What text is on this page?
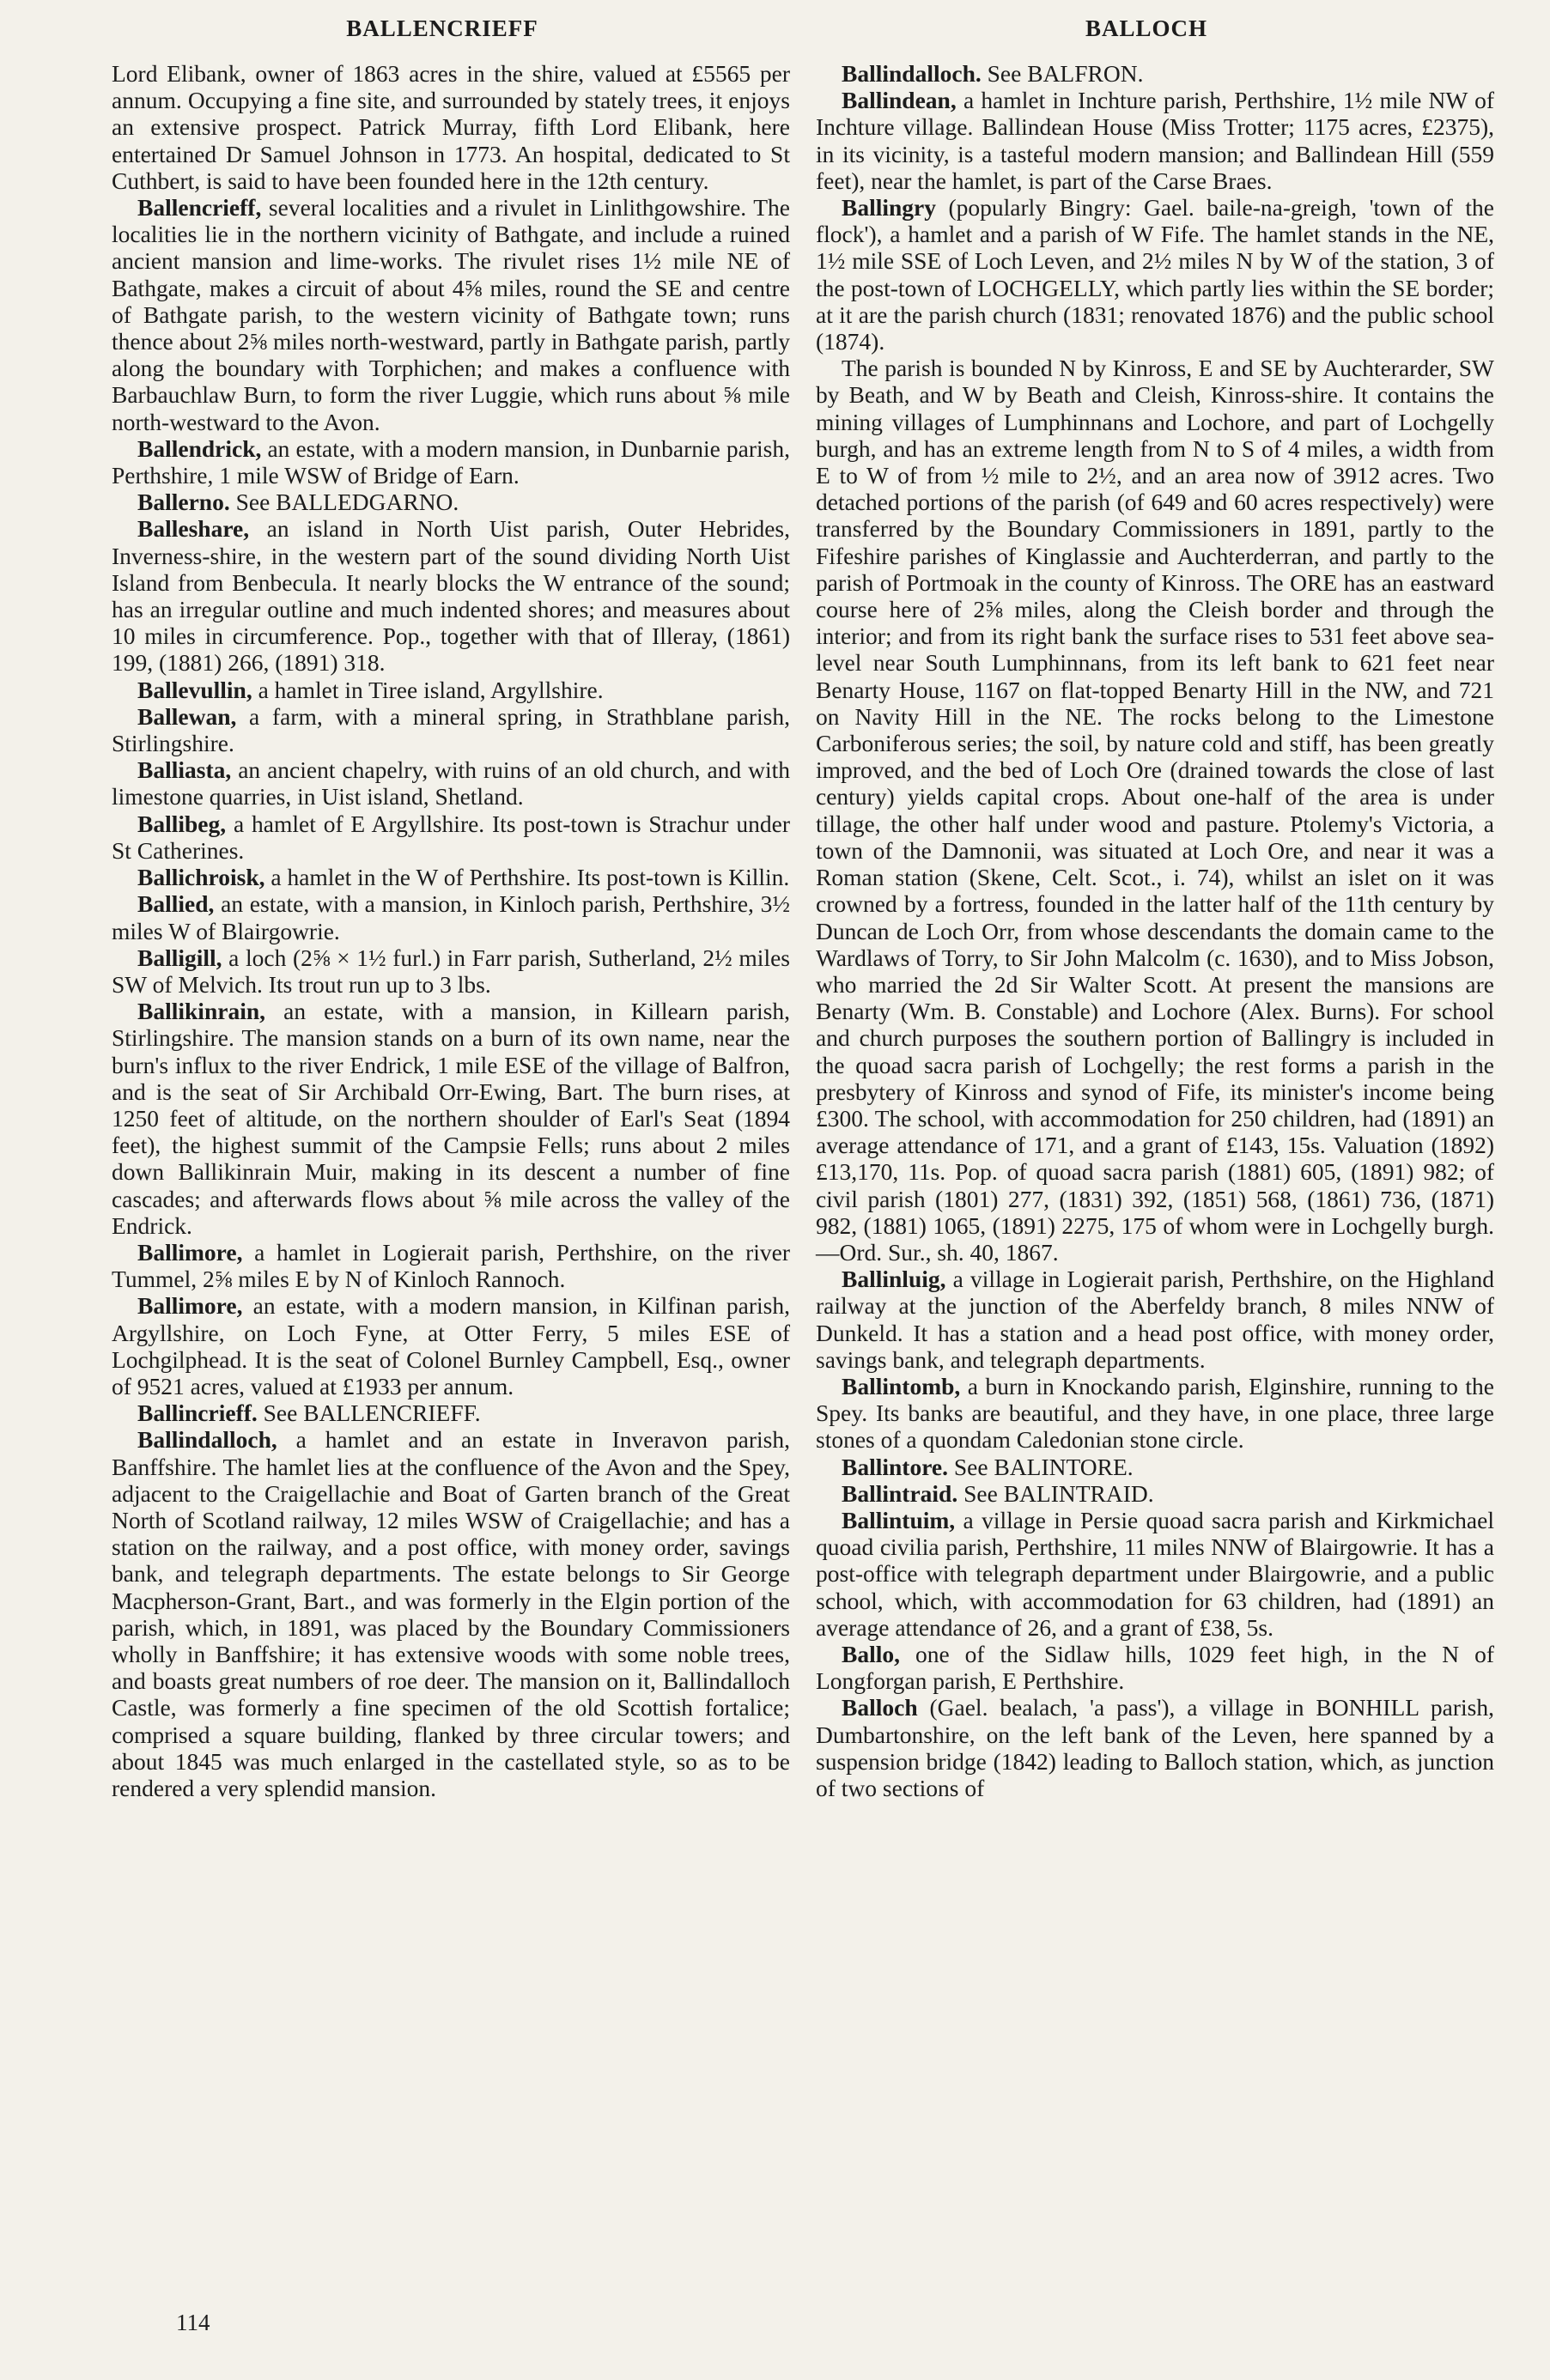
BALLENCRIEFF	BALLOCH

Lord Elibank, owner of 1863 acres in the shire, valued at £5565 per annum. Occupying a fine site, and surrounded by stately trees, it enjoys an extensive prospect. Patrick Murray, fifth Lord Elibank, here entertained Dr Samuel Johnson in 1773. An hospital, dedicated to St Cuthbert, is said to have been founded here in the 12th century.

Ballencrieff, several localities and a rivulet in Linlithgowshire. The localities lie in the northern vicinity of Bathgate, and include a ruined ancient mansion and lime-works. The rivulet rises 1½ mile NE of Bathgate, makes a circuit of about 4⅝ miles, round the SE and centre of Bathgate parish, to the western vicinity of Bathgate town; runs thence about 2⅝ miles north-westward, partly in Bathgate parish, partly along the boundary with Torphichen; and makes a confluence with Barbauchlaw Burn, to form the river Luggie, which runs about ⅝ mile north-westward to the Avon.

Ballendrick, an estate, with a modern mansion, in Dunbarnie parish, Perthshire, 1 mile WSW of Bridge of Earn.

Ballerno. See BALLEDGARNO.

Balleshare, an island in North Uist parish, Outer Hebrides, Inverness-shire, in the western part of the sound dividing North Uist Island from Benbecula. It nearly blocks the W entrance of the sound; has an irregular outline and much indented shores; and measures about 10 miles in circumference. Pop., together with that of Illeray, (1861) 199, (1881) 266, (1891) 318.

Ballevullin, a hamlet in Tiree island, Argyllshire.

Ballewan, a farm, with a mineral spring, in Strathblane parish, Stirlingshire.

Balliasta, an ancient chapelry, with ruins of an old church, and with limestone quarries, in Uist island, Shetland.

Ballibeg, a hamlet of E Argyllshire. Its post-town is Strachur under St Catherines.

Ballichroisk, a hamlet in the W of Perthshire. Its post-town is Killin.

Ballied, an estate, with a mansion, in Kinloch parish, Perthshire, 3½ miles W of Blairgowrie.

Balligill, a loch (2⅝ × 1½ furl.) in Farr parish, Sutherland, 2½ miles SW of Melvich. Its trout run up to 3 lbs.

Ballikinrain, an estate, with a mansion, in Killearn parish, Stirlingshire. The mansion stands on a burn of its own name, near the burn's influx to the river Endrick, 1 mile ESE of the village of Balfron, and is the seat of Sir Archibald Orr-Ewing, Bart. The burn rises, at 1250 feet of altitude, on the northern shoulder of Earl's Seat (1894 feet), the highest summit of the Campsie Fells; runs about 2 miles down Ballikinrain Muir, making in its descent a number of fine cascades; and afterwards flows about ⅝ mile across the valley of the Endrick.

Ballimore, a hamlet in Logierait parish, Perthshire, on the river Tummel, 2⅝ miles E by N of Kinloch Rannoch.

Ballimore, an estate, with a modern mansion, in Kilfinan parish, Argyllshire, on Loch Fyne, at Otter Ferry, 5 miles ESE of Lochgilphead. It is the seat of Colonel Burnley Campbell, Esq., owner of 9521 acres, valued at £1933 per annum.

Ballincrieff. See BALLENCRIEFF.

Ballindalloch, a hamlet and an estate in Inveravon parish, Banffshire. The hamlet lies at the confluence of the Avon and the Spey, adjacent to the Craigellachie and Boat of Garten branch of the Great North of Scotland railway, 12 miles WSW of Craigellachie; and has a station on the railway, and a post office, with money order, savings bank, and telegraph departments. The estate belongs to Sir George Macpherson-Grant, Bart., and was formerly in the Elgin portion of the parish, which, in 1891, was placed by the Boundary Commissioners wholly in Banffshire; it has extensive woods with some noble trees, and boasts great numbers of roe deer. The mansion on it, Ballindalloch Castle, was formerly a fine specimen of the old Scottish fortalice; comprised a square building, flanked by three circular towers; and about 1845 was much enlarged in the castellated style, so as to be rendered a very splendid mansion.

Ballindalloch. See BALFRON.

Ballindean, a hamlet in Inchture parish, Perthshire, 1½ mile NW of Inchture village. Ballindean House (Miss Trotter; 1175 acres, £2375), in its vicinity, is a tasteful modern mansion; and Ballindean Hill (559 feet), near the hamlet, is part of the Carse Braes.

Ballingry (popularly Bingry: Gael. baile-na-greigh, 'town of the flock'), a hamlet and a parish of W Fife. The hamlet stands in the NE, 1½ mile SSE of Loch Leven, and 2½ miles N by W of the station, 3 of the post-town of LOCHGELLY, which partly lies within the SE border; at it are the parish church (1831; renovated 1876) and the public school (1874).

The parish is bounded N by Kinross, E and SE by Auchterarder, SW by Beath, and W by Beath and Cleish, Kinross-shire. It contains the mining villages of Lumphinnans and Lochore, and part of Lochgelly burgh, and has an extreme length from N to S of 4 miles, a width from E to W of from ½ mile to 2½, and an area now of 3912 acres. Two detached portions of the parish (of 649 and 60 acres respectively) were transferred by the Boundary Commissioners in 1891, partly to the Fifeshire parishes of Kinglassie and Auchterderran, and partly to the parish of Portmoak in the county of Kinross. The ORE has an eastward course here of 2⅝ miles, along the Cleish border and through the interior; and from its right bank the surface rises to 531 feet above sea-level near South Lumphinnans, from its left bank to 621 feet near Benarty House, 1167 on flat-topped Benarty Hill in the NW, and 721 on Navity Hill in the NE. The rocks belong to the Limestone Carboniferous series; the soil, by nature cold and stiff, has been greatly improved, and the bed of Loch Ore (drained towards the close of last century) yields capital crops. About one-half of the area is under tillage, the other half under wood and pasture. Ptolemy's Victoria, a town of the Damnonii, was situated at Loch Ore, and near it was a Roman station (Skene, Celt. Scot., i. 74), whilst an islet on it was crowned by a fortress, founded in the latter half of the 11th century by Duncan de Loch Orr, from whose descendants the domain came to the Wardlaws of Torry, to Sir John Malcolm (c. 1630), and to Miss Jobson, who married the 2d Sir Walter Scott. At present the mansions are Benarty (Wm. B. Constable) and Lochore (Alex. Burns). For school and church purposes the southern portion of Ballingry is included in the quoad sacra parish of Lochgelly; the rest forms a parish in the presbytery of Kinross and synod of Fife, its minister's income being £300. The school, with accommodation for 250 children, had (1891) an average attendance of 171, and a grant of £143, 15s. Valuation (1892) £13,170, 11s. Pop. of quoad sacra parish (1881) 605, (1891) 982; of civil parish (1801) 277, (1831) 392, (1851) 568, (1861) 736, (1871) 982, (1881) 1065, (1891) 2275, 175 of whom were in Lochgelly burgh.—Ord. Sur., sh. 40, 1867.

Ballinluig, a village in Logierait parish, Perthshire, on the Highland railway at the junction of the Aberfeldy branch, 8 miles NNW of Dunkeld. It has a station and a head post office, with money order, savings bank, and telegraph departments.

Ballintomb, a burn in Knockando parish, Elginshire, running to the Spey. Its banks are beautiful, and they have, in one place, three large stones of a quondam Caledonian stone circle.

Ballintore. See BALINTORE.

Ballintraid. See BALINTRAID.

Ballintuim, a village in Persie quoad sacra parish and Kirkmichael quoad civilia parish, Perthshire, 11 miles NNW of Blairgowrie. It has a post-office with telegraph department under Blairgowrie, and a public school, which, with accommodation for 63 children, had (1891) an average attendance of 26, and a grant of £38, 5s.

Ballo, one of the Sidlaw hills, 1029 feet high, in the N of Longforgan parish, E Perthshire.

Balloch (Gael. bealach, 'a pass'), a village in BONHILL parish, Dumbartonshire, on the left bank of the Leven, here spanned by a suspension bridge (1842) leading to Balloch station, which, as junction of two sections of

114
